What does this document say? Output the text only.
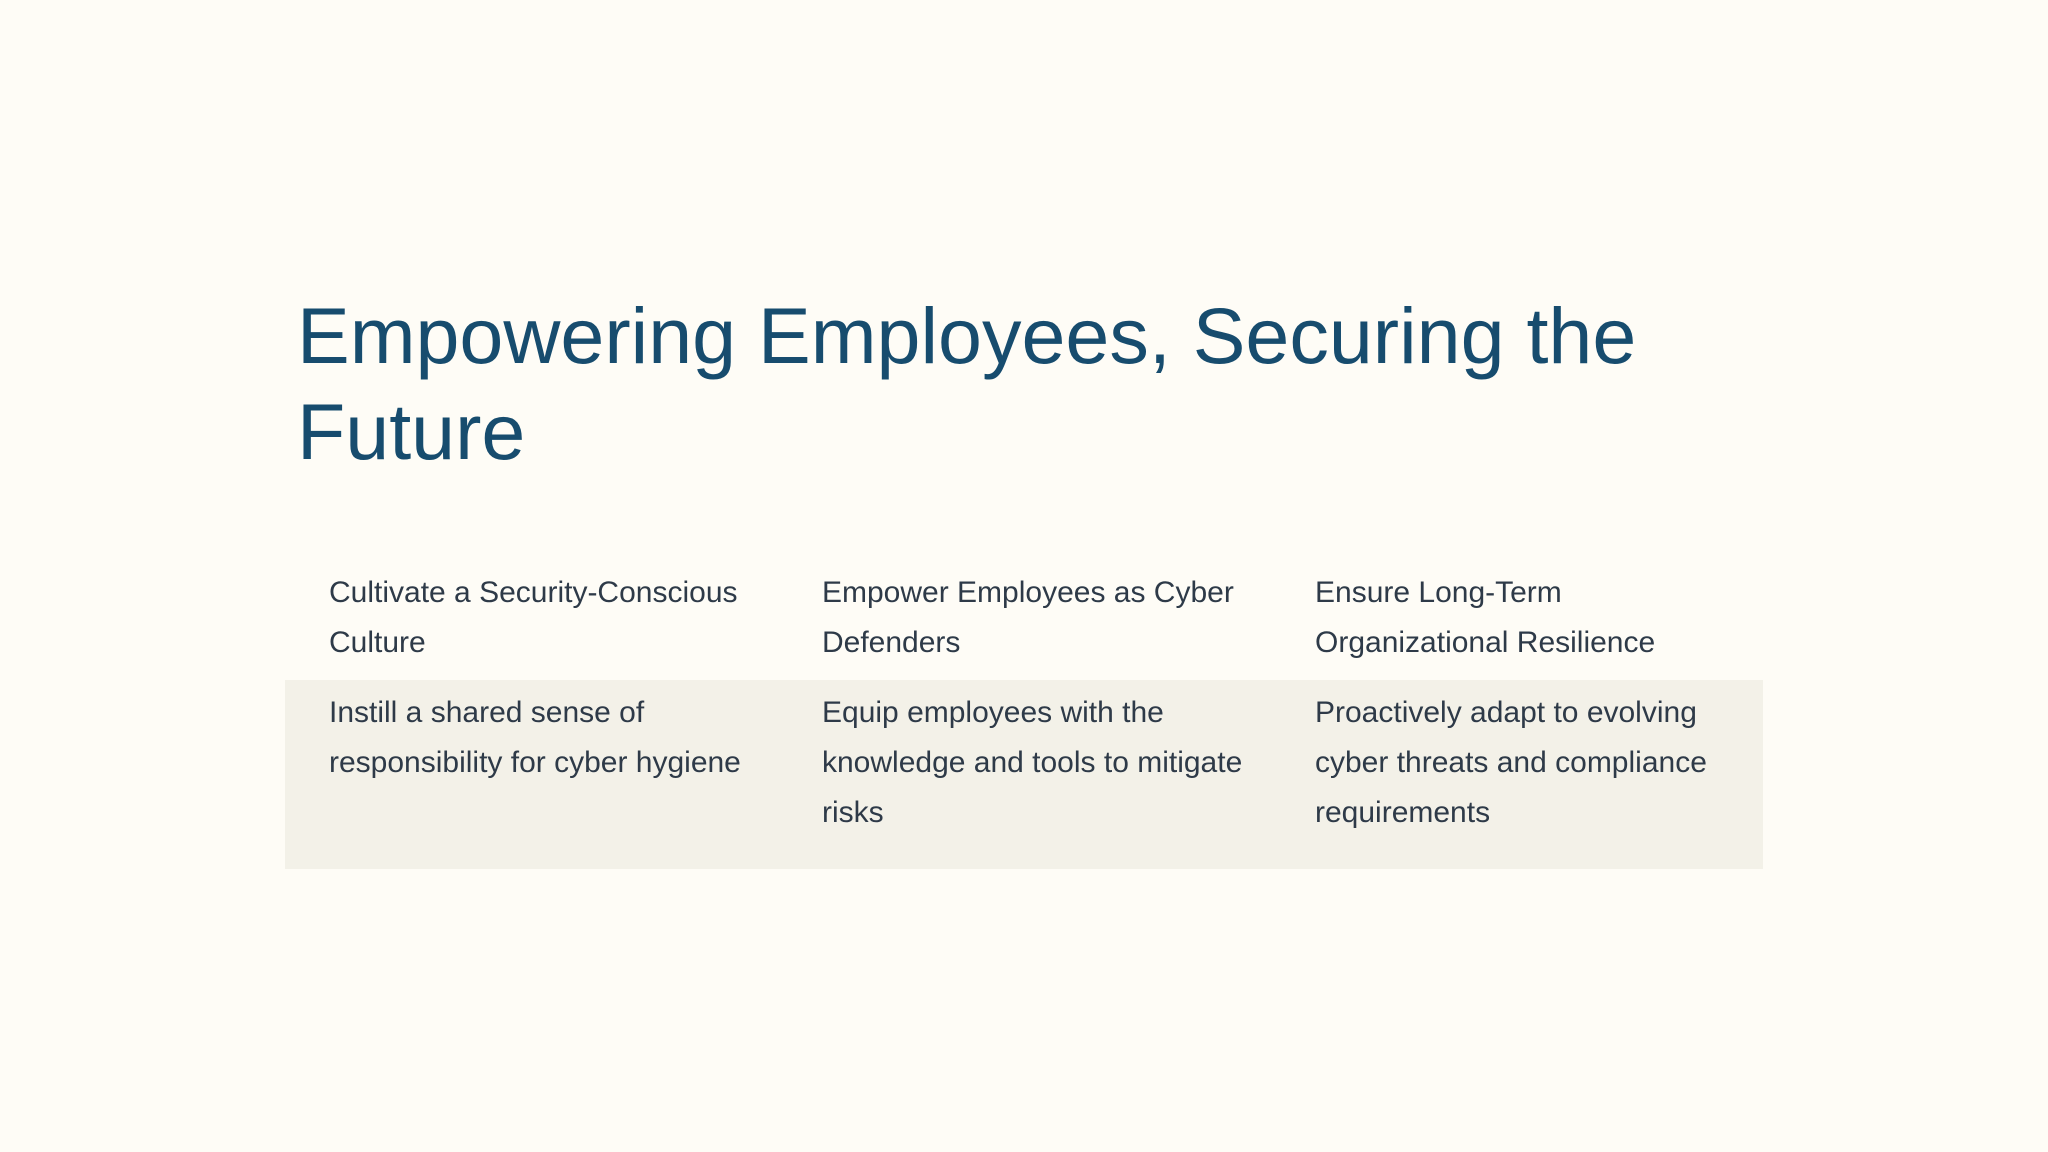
Empowering Employees, Securing the Future
Cultivate a Security-Conscious Culture
Empower Employees as Cyber Defenders
Ensure Long-Term Organizational Resilience
Instill a shared sense of responsibility for cyber hygiene
Equip employees with the knowledge and tools to mitigate risks
Proactively adapt to evolving cyber threats and compliance requirements
